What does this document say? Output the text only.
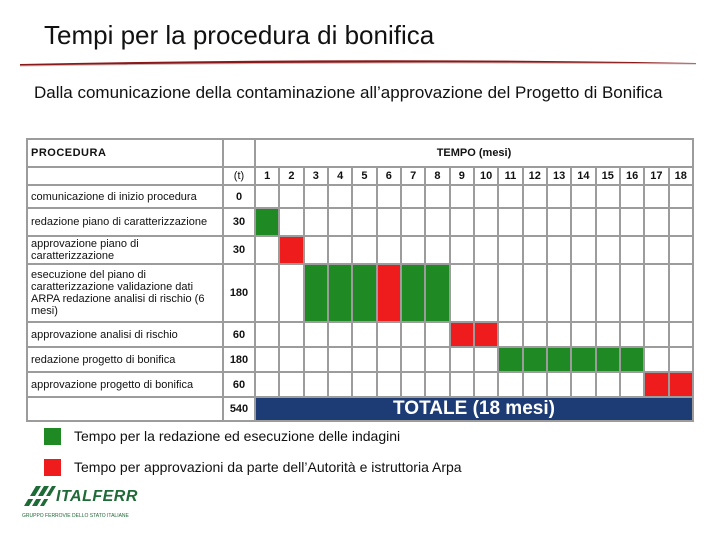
Tempi per la procedura di bonifica
Dalla comunicazione della contaminazione all’approvazione del Progetto di Bonifica
PROCEDURA		TEMPO (mesi)																	
	(t)	1	2	3	4	5	6	7	8	9	10	11	12	13	14	15	16	17	18
comunicazione di inizio procedura	0																		
redazione piano di caratterizzazione	30																		
approvazione piano di caratterizzazione	30																		
esecuzione del piano di caratterizzazione validazione dati ARPA redazione analisi di rischio (6 mesi)	180																		
approvazione analisi di rischio	60																		
redazione progetto di bonifica	180																		
approvazione progetto di bonifica	60																		
	540	TOTALE (18 mesi)																	
Tempo per la redazione ed esecuzione delle indagini
Tempo per approvazioni da parte dell’Autorità e istruttoria Arpa
ITALFERR
GRUPPO FERROVIE DELLO STATO ITALIANE
